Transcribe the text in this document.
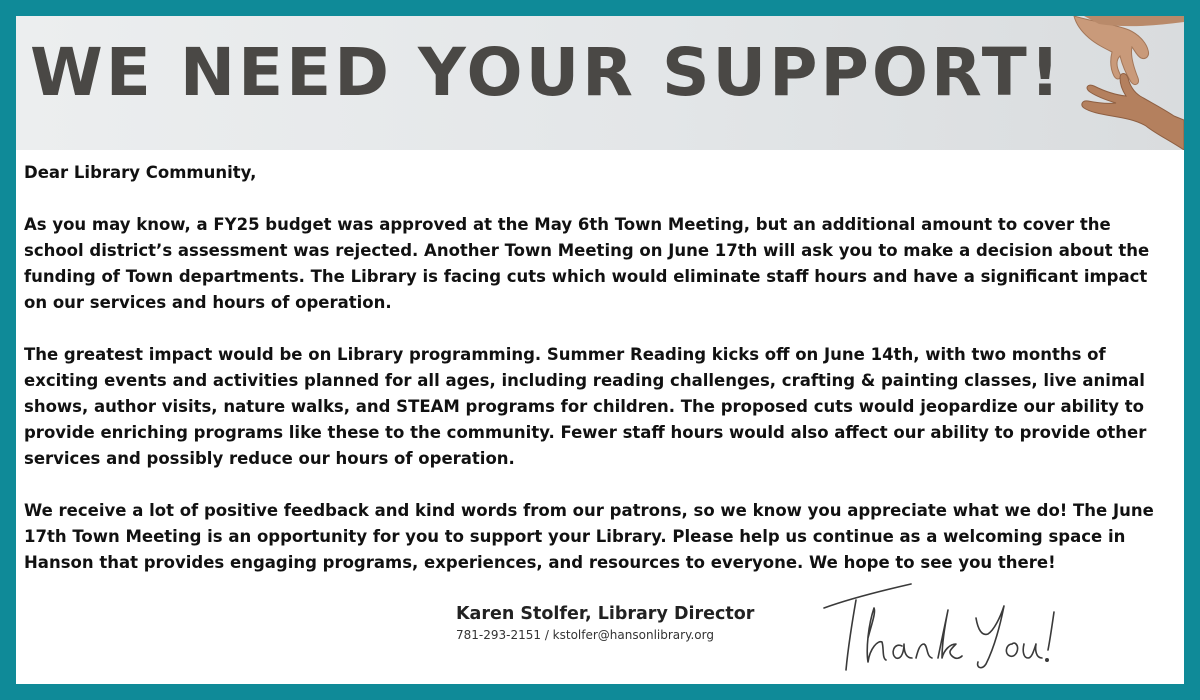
WE NEED YOUR SUPPORT!

Dear Library Community,

As you may know, a FY25 budget was approved at the May 6th Town Meeting, but an additional amount to cover the school district’s assessment was rejected. Another Town Meeting on June 17th will ask you to make a decision about the funding of Town departments. The Library is facing cuts which would eliminate staff hours and have a significant impact on our services and hours of operation.

The greatest impact would be on Library programming. Summer Reading kicks off on June 14th, with two months of exciting events and activities planned for all ages, including reading challenges, crafting & painting classes, live animal shows, author visits, nature walks, and STEAM programs for children. The proposed cuts would jeopardize our ability to provide enriching programs like these to the community. Fewer staff hours would also affect our ability to provide other services and possibly reduce our hours of operation.

We receive a lot of positive feedback and kind words from our patrons, so we know you appreciate what we do! The June 17th Town Meeting is an opportunity for you to support your Library. Please help us continue as a welcoming space in Hanson that provides engaging programs, experiences, and resources to everyone. We hope to see you there!

Karen Stolfer, Library Director
781-293-2151 / kstolfer@hansonlibrary.org
